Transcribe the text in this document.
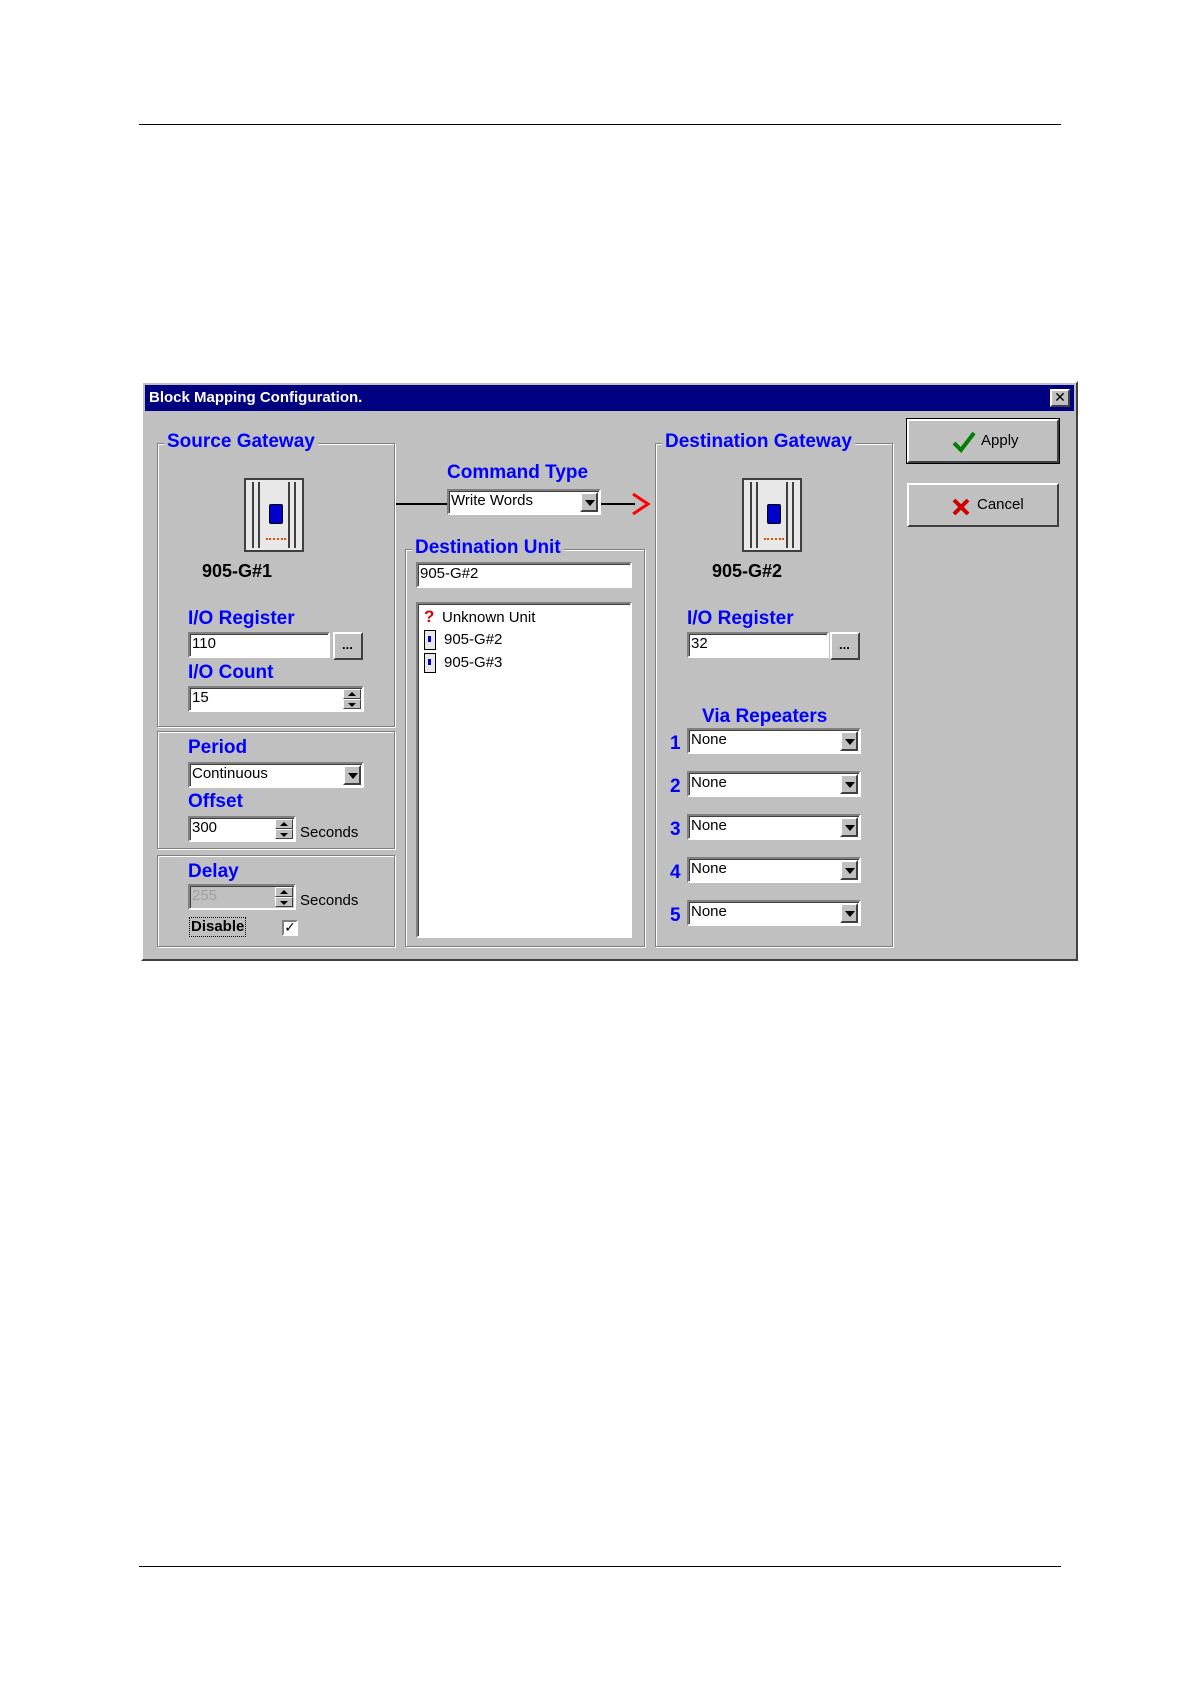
Block Mapping Configuration.	✕
Source Gateway
905-G#1
I/O Register
110	...
I/O Count
15
Period
Continuous
Offset
300	Seconds
Delay
255	Seconds
Disable	✓
Command Type
Write Words
Destination Unit
905-G#2
? Unknown Unit
905-G#2
905-G#3
Destination Gateway
905-G#2
I/O Register
32	...
Via Repeaters
1 None
2 None
3 None
4 None
5 None
Apply
Cancel
